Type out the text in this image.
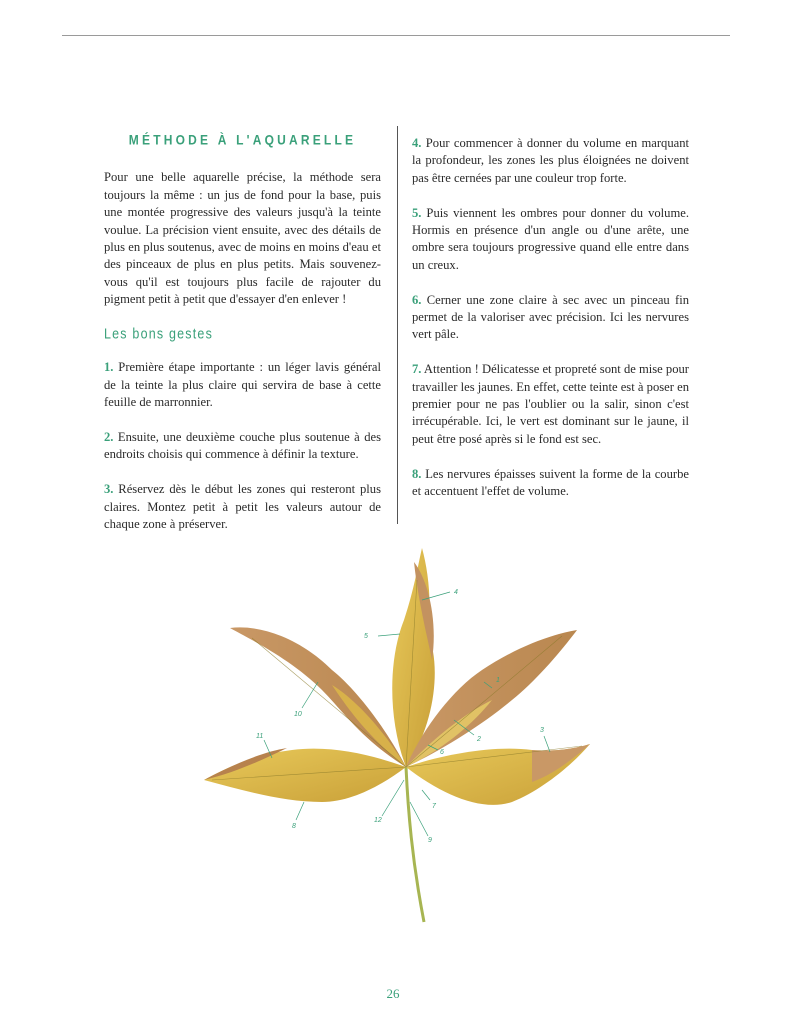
MÉTHODE À L'AQUARELLE

Pour une belle aquarelle précise, la méthode sera toujours la même : un jus de fond pour la base, puis une montée progressive des valeurs jusqu'à la teinte voulue. La précision vient ensuite, avec des détails de plus en plus soutenus, avec de moins en moins d'eau et des pinceaux de plus en plus petits. Mais souvenez-vous qu'il est toujours plus facile de rajouter du pigment petit à petit que d'essayer d'en enlever !

Les bons gestes

1. Première étape importante : un léger lavis général de la teinte la plus claire qui servira de base à cette feuille de marronnier.

2. Ensuite, une deuxième couche plus soutenue à des endroits choisis qui commence à définir la texture.

3. Réservez dès le début les zones qui resteront plus claires. Montez petit à petit les valeurs autour de chaque zone à préserver.

4. Pour commencer à donner du volume en marquant la profondeur, les zones les plus éloignées ne doivent pas être cernées par une couleur trop forte.

5. Puis viennent les ombres pour donner du volume. Hormis en présence d'un angle ou d'une arête, une ombre sera toujours progressive quand elle entre dans un creux.

6. Cerner une zone claire à sec avec un pinceau fin permet de la valoriser avec précision. Ici les nervures vert pâle.

7. Attention ! Délicatesse et propreté sont de mise pour travailler les jaunes. En effet, cette teinte est à poser en premier pour ne pas l'oublier ou la salir, sinon c'est irrécupérable. Ici, le vert est dominant sur le jaune, il peut être posé après si le fond est sec.

8. Les nervures épaisses suivent la forme de la courbe et accentuent l'effet de volume.

4
5
1
2
3
6
7
8
9
10
11
12
26
